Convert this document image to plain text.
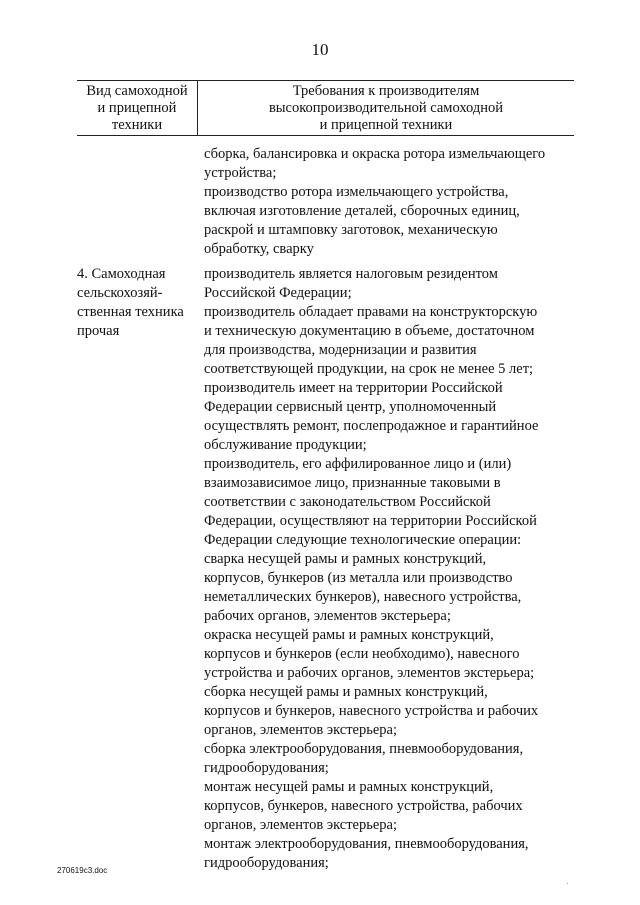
10
Вид самоходной
и прицепной
техники
Требования к производителям
высокопроизводительной самоходной
и прицепной техники
сборка, балансировка и окраска ротора измельчающего
устройства;
производство ротора измельчающего устройства,
включая изготовление деталей, сборочных единиц,
раскрой и штамповку заготовок, механическую
обработку, сварку
4. Самоходная
сельскохозяй-
ственная техника
прочая
производитель является налоговым резидентом
Российской Федерации;
производитель обладает правами на конструкторскую
и техническую документацию в объеме, достаточном
для производства, модернизации и развития
соответствующей продукции, на срок не менее 5 лет;
производитель имеет на территории Российской
Федерации сервисный центр, уполномоченный
осуществлять ремонт, послепродажное и гарантийное
обслуживание продукции;
производитель, его аффилированное лицо и (или)
взаимозависимое лицо, признанные таковыми в
соответствии с законодательством Российской
Федерации, осуществляют на территории Российской
Федерации следующие технологические операции:
сварка несущей рамы и рамных конструкций,
корпусов, бункеров (из металла или производство
неметаллических бункеров), навесного устройства,
рабочих органов, элементов экстерьера;
окраска несущей рамы и рамных конструкций,
корпусов и бункеров (если необходимо), навесного
устройства и рабочих органов, элементов экстерьера;
сборка несущей рамы и рамных конструкций,
корпусов и бункеров, навесного устройства и рабочих
органов, элементов экстерьера;
сборка электрооборудования, пневмооборудования,
гидрооборудования;
монтаж несущей рамы и рамных конструкций,
корпусов, бункеров, навесного устройства, рабочих
органов, элементов экстерьера;
монтаж электрооборудования, пневмооборудования,
гидрооборудования;
270619c3.doc
·
